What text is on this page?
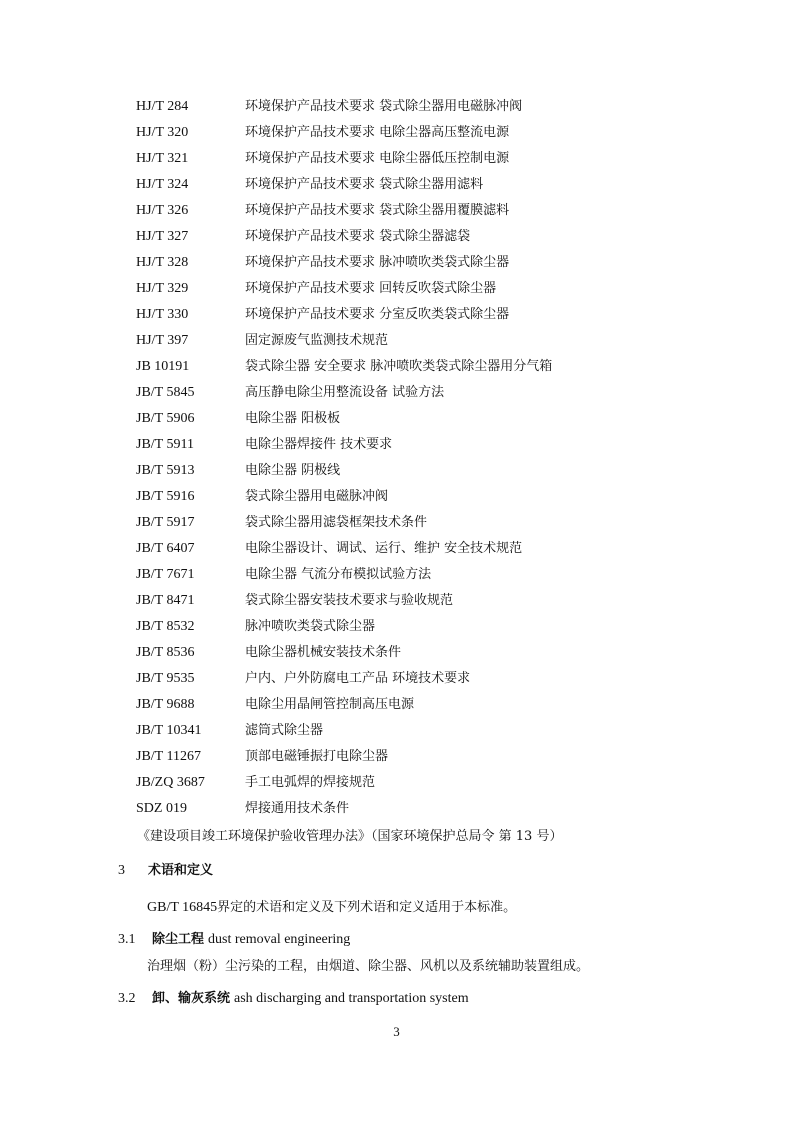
HJ/T 284	环境保护产品技术要求 袋式除尘器用电磁脉冲阀
HJ/T 320	环境保护产品技术要求 电除尘器高压整流电源
HJ/T 321	环境保护产品技术要求 电除尘器低压控制电源
HJ/T 324	环境保护产品技术要求 袋式除尘器用滤料
HJ/T 326	环境保护产品技术要求 袋式除尘器用覆膜滤料
HJ/T 327	环境保护产品技术要求 袋式除尘器滤袋
HJ/T 328	环境保护产品技术要求 脉冲喷吹类袋式除尘器
HJ/T 329	环境保护产品技术要求 回转反吹袋式除尘器
HJ/T 330	环境保护产品技术要求 分室反吹类袋式除尘器
HJ/T 397	固定源废气监测技术规范
JB 10191	袋式除尘器 安全要求 脉冲喷吹类袋式除尘器用分气箱
JB/T 5845	高压静电除尘用整流设备 试验方法
JB/T 5906	电除尘器 阳极板
JB/T 5911	电除尘器焊接件 技术要求
JB/T 5913	电除尘器 阴极线
JB/T 5916	袋式除尘器用电磁脉冲阀
JB/T 5917	袋式除尘器用滤袋框架技术条件
JB/T 6407	电除尘器设计、调试、运行、维护 安全技术规范
JB/T 7671	电除尘器 气流分布模拟试验方法
JB/T 8471	袋式除尘器安装技术要求与验收规范
JB/T 8532	脉冲喷吹类袋式除尘器
JB/T 8536	电除尘器机械安装技术条件
JB/T 9535	户内、户外防腐电工产品 环境技术要求
JB/T 9688	电除尘用晶闸管控制高压电源
JB/T 10341	滤筒式除尘器
JB/T 11267	顶部电磁锤振打电除尘器
JB/ZQ 3687	手工电弧焊的焊接规范
SDZ 019	焊接通用技术条件
《建设项目竣工环境保护验收管理办法》（国家环境保护总局令 第 13 号）
3 术语和定义
GB/T 16845界定的术语和定义及下列术语和定义适用于本标准。
3.1 除尘工程 dust removal engineering
治理烟（粉）尘污染的工程，由烟道、除尘器、风机以及系统辅助装置组成。
3.2 卸、输灰系统 ash discharging and transportation system
3
